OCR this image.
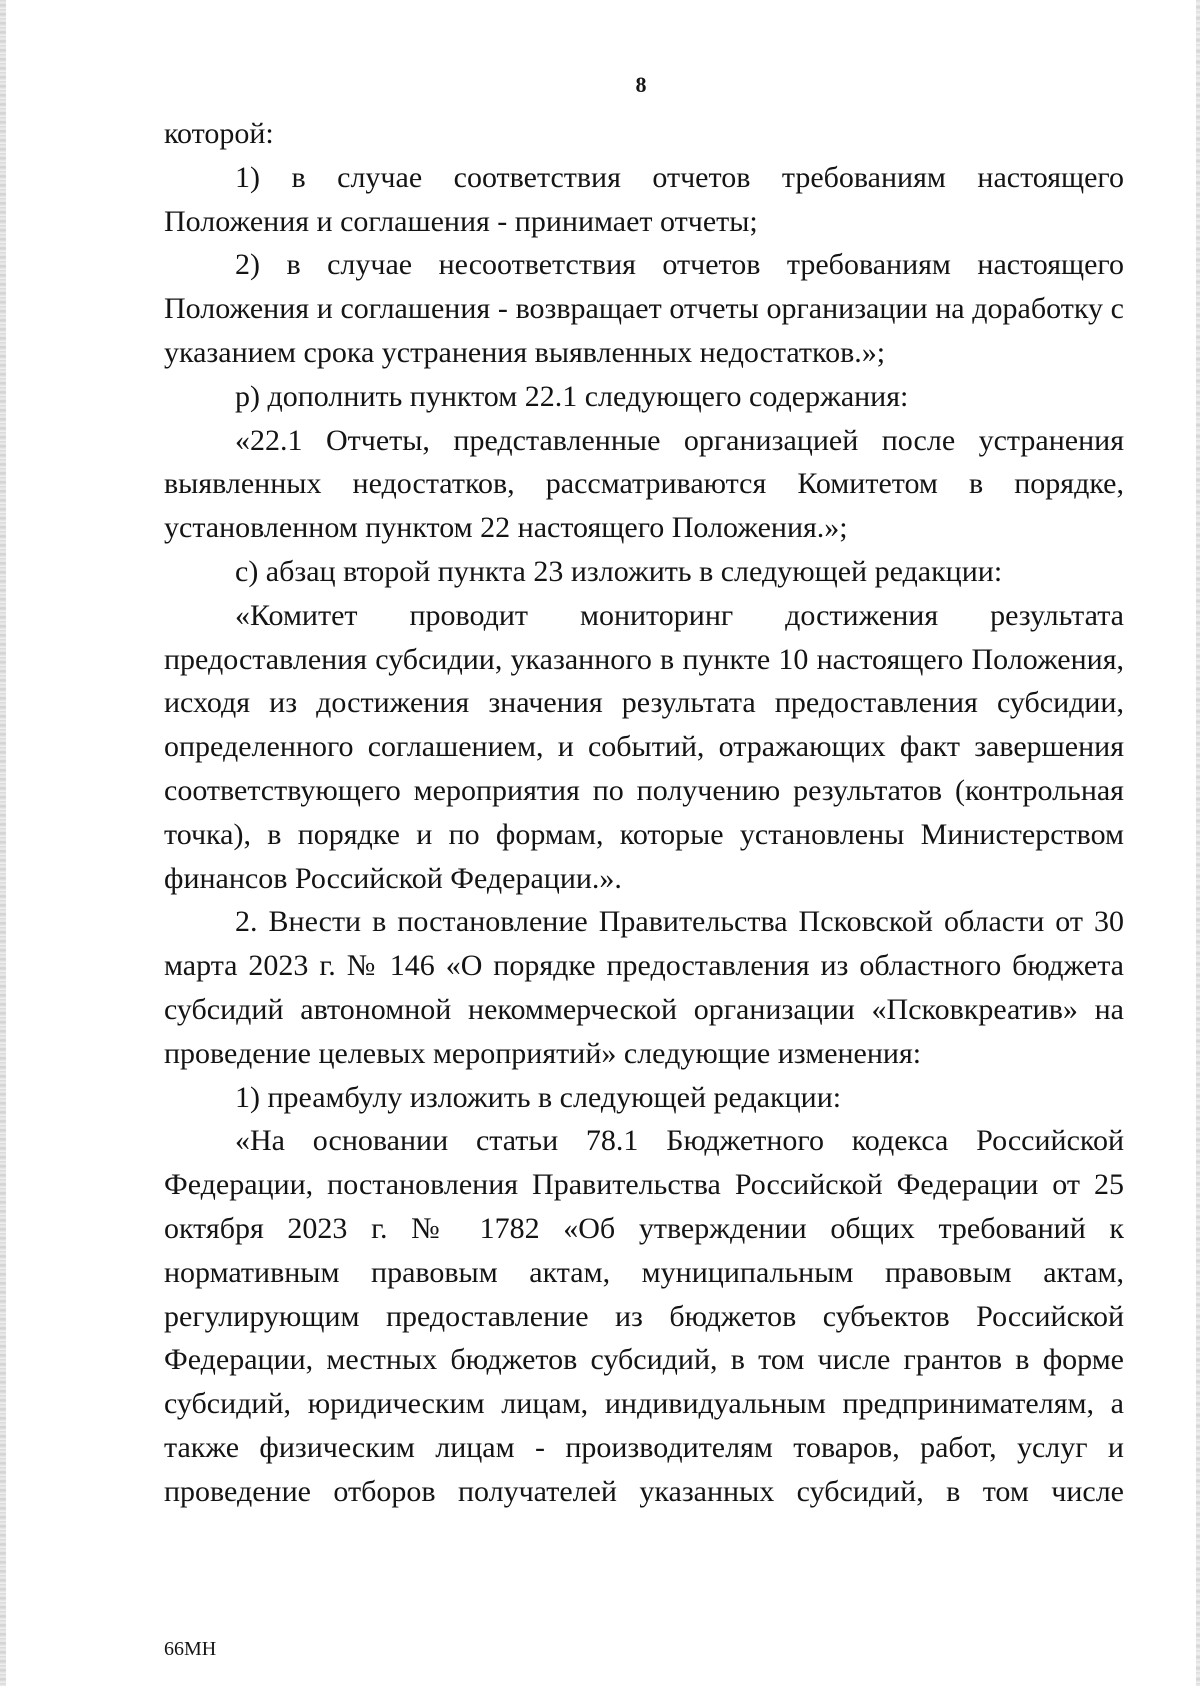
8

которой:

1) в случае соответствия отчетов требованиям настоящего Положения и соглашения - принимает отчеты;

2) в случае несоответствия отчетов требованиям настоящего Положения и соглашения - возвращает отчеты организации на доработку с указанием срока устранения выявленных недостатков.»;

р) дополнить пунктом 22.1 следующего содержания:

«22.1 Отчеты, представленные организацией после устранения выявленных недостатков, рассматриваются Комитетом в порядке, установленном пунктом 22 настоящего Положения.»;

с) абзац второй пункта 23 изложить в следующей редакции:

«Комитет проводит мониторинг достижения результата предоставления субсидии, указанного в пункте 10 настоящего Положения, исходя из достижения значения результата предоставления субсидии, определенного соглашением, и событий, отражающих факт завершения соответствующего мероприятия по получению результатов (контрольная точка), в порядке и по формам, которые установлены Министерством финансов Российской Федерации.».

2. Внести в постановление Правительства Псковской области от 30 марта 2023 г. № 146 «О порядке предоставления из областного бюджета субсидий автономной некоммерческой организации «Псковкреатив» на проведение целевых мероприятий» следующие изменения:

1) преамбулу изложить в следующей редакции:

«На основании статьи 78.1 Бюджетного кодекса Российской Федерации, постановления Правительства Российской Федерации от 25 октября 2023 г. № 1782 «Об утверждении общих требований к нормативным правовым актам, муниципальным правовым актам, регулирующим предоставление из бюджетов субъектов Российской Федерации, местных бюджетов субсидий, в том числе грантов в форме субсидий, юридическим лицам, индивидуальным предпринимателям, а также физическим лицам - производителям товаров, работ, услуг и проведение отборов получателей указанных субсидий, в том числе

66МН
